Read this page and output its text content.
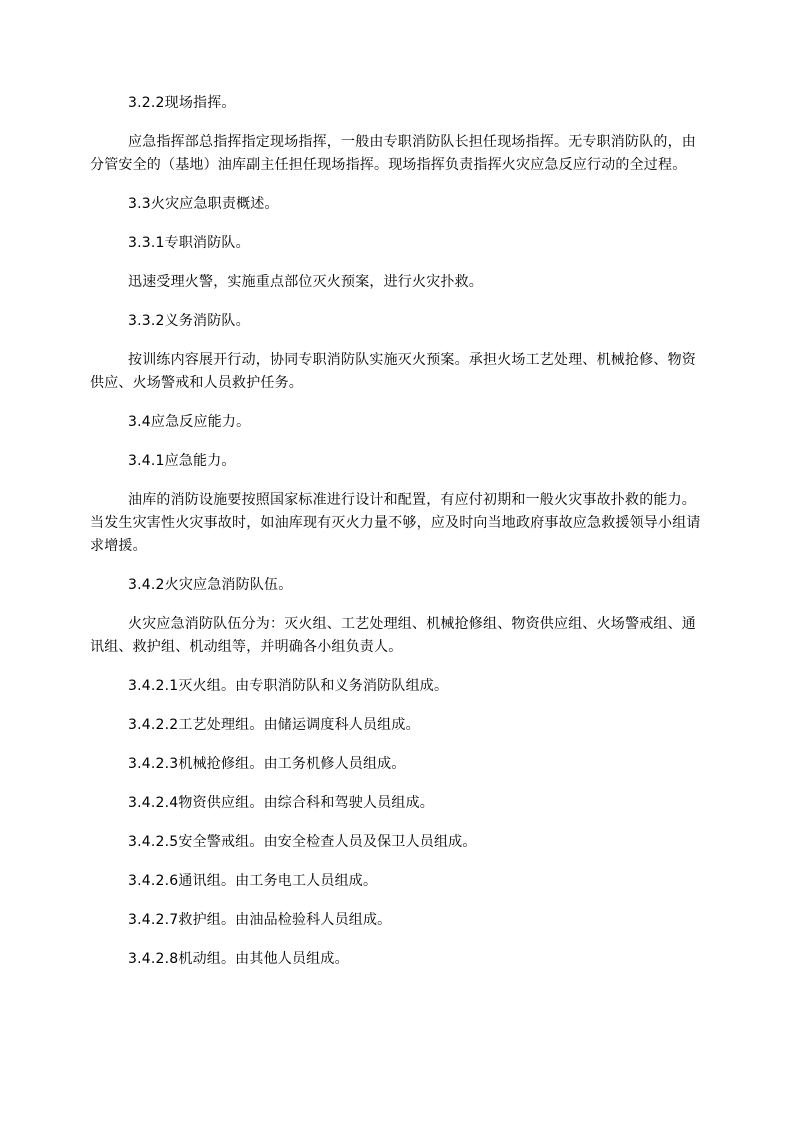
3.2.2现场指挥。

应急指挥部总指挥指定现场指挥，一般由专职消防队长担任现场指挥。无专职消防队的，由分管安全的（基地）油库副主任担任现场指挥。现场指挥负责指挥火灾应急反应行动的全过程。

3.3火灾应急职责概述。

3.3.1专职消防队。

迅速受理火警，实施重点部位灭火预案，进行火灾扑救。

3.3.2义务消防队。

按训练内容展开行动，协同专职消防队实施灭火预案。承担火场工艺处理、机械抢修、物资供应、火场警戒和人员救护任务。

3.4应急反应能力。

3.4.1应急能力。

油库的消防设施要按照国家标准进行设计和配置，有应付初期和一般火灾事故扑救的能力。当发生灾害性火灾事故时，如油库现有灭火力量不够，应及时向当地政府事故应急救援领导小组请求增援。

3.4.2火灾应急消防队伍。

火灾应急消防队伍分为：灭火组、工艺处理组、机械抢修组、物资供应组、火场警戒组、通讯组、救护组、机动组等，并明确各小组负责人。

3.4.2.1灭火组。由专职消防队和义务消防队组成。

3.4.2.2工艺处理组。由储运调度科人员组成。

3.4.2.3机械抢修组。由工务机修人员组成。

3.4.2.4物资供应组。由综合科和驾驶人员组成。

3.4.2.5安全警戒组。由安全检查人员及保卫人员组成。

3.4.2.6通讯组。由工务电工人员组成。

3.4.2.7救护组。由油品检验科人员组成。

3.4.2.8机动组。由其他人员组成。
